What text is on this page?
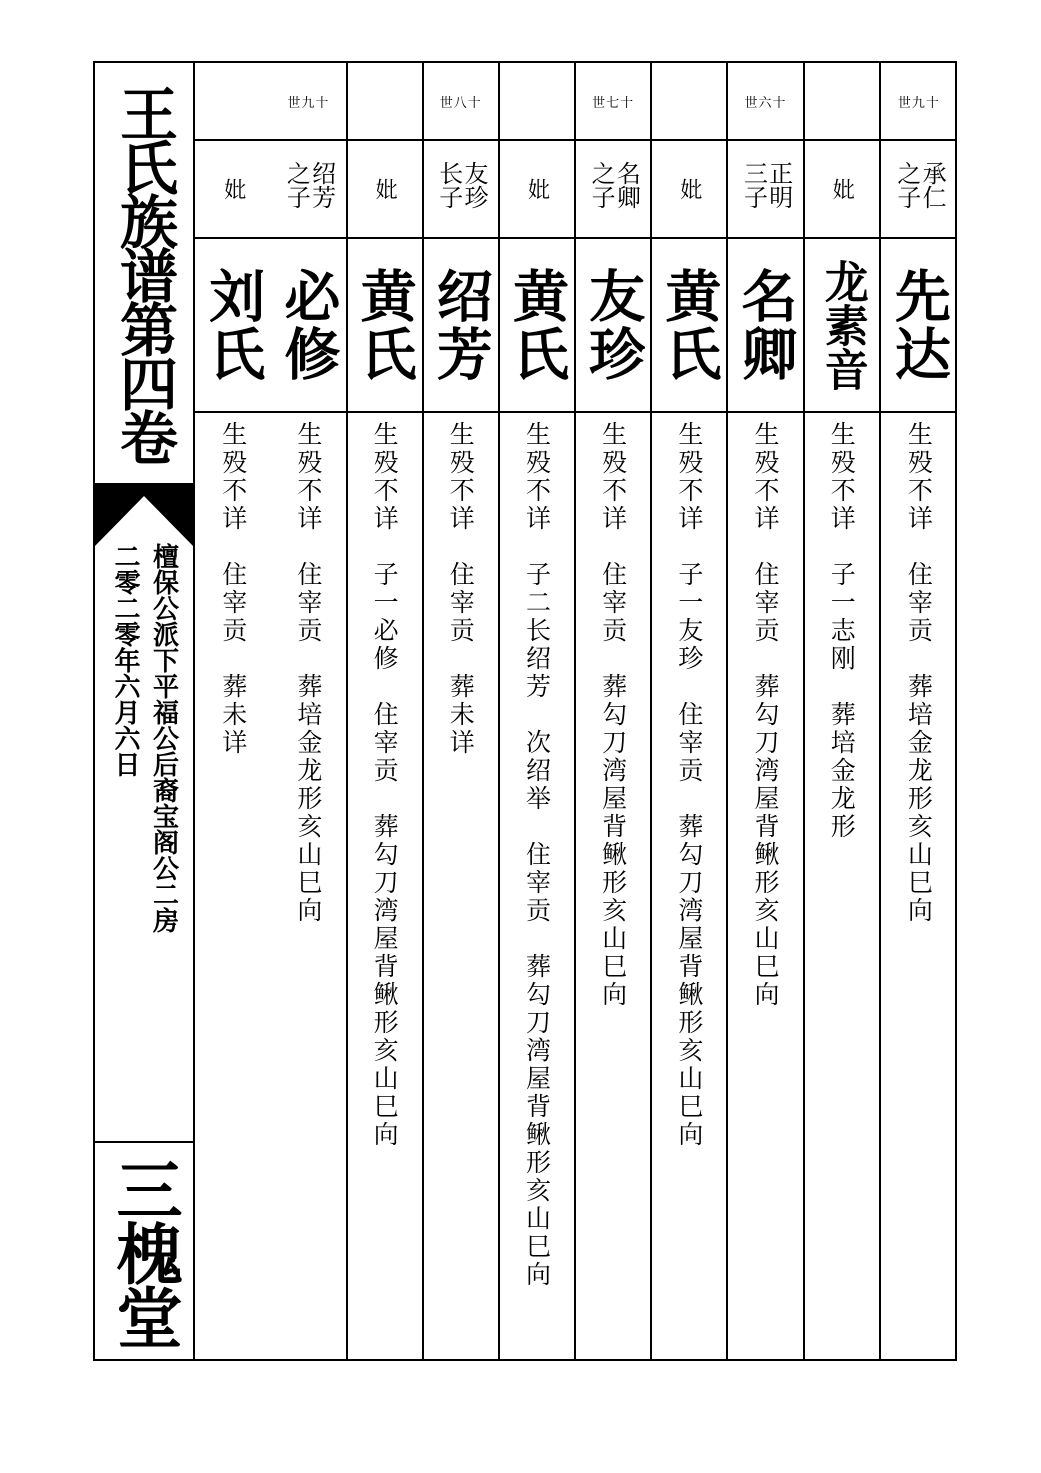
王氏族谱第四卷
檀保公派下平福公后裔宝阁公二房
二零二零年六月六日
三槐堂
世九十
承仁之子
先达
生殁不详　住宰贡　葬培金龙形亥山巳向
妣
龙素音
生殁不详　子一志刚　葬培金龙形
世六十
正明三子
名卿
生殁不详　住宰贡　葬勾刀湾屋背鳅形亥山巳向
妣
黄氏
生殁不详　子一友珍　住宰贡　葬勾刀湾屋背鳅形亥山巳向
世七十
名卿之子
友珍
生殁不详　住宰贡　葬勾刀湾屋背鳅形亥山巳向
妣
黄氏
生殁不详　子二长绍芳　次绍举　住宰贡　葬勾刀湾屋背鳅形亥山巳向
世八十
友珍长子
绍芳
生殁不详　住宰贡　葬未详
妣
黄氏
生殁不详　子一必修　住宰贡　葬勾刀湾屋背鳅形亥山巳向
世九十
绍芳之子
必修
生殁不详　住宰贡　葬培金龙形亥山巳向
妣
刘氏
生殁不详　住宰贡　葬未详
